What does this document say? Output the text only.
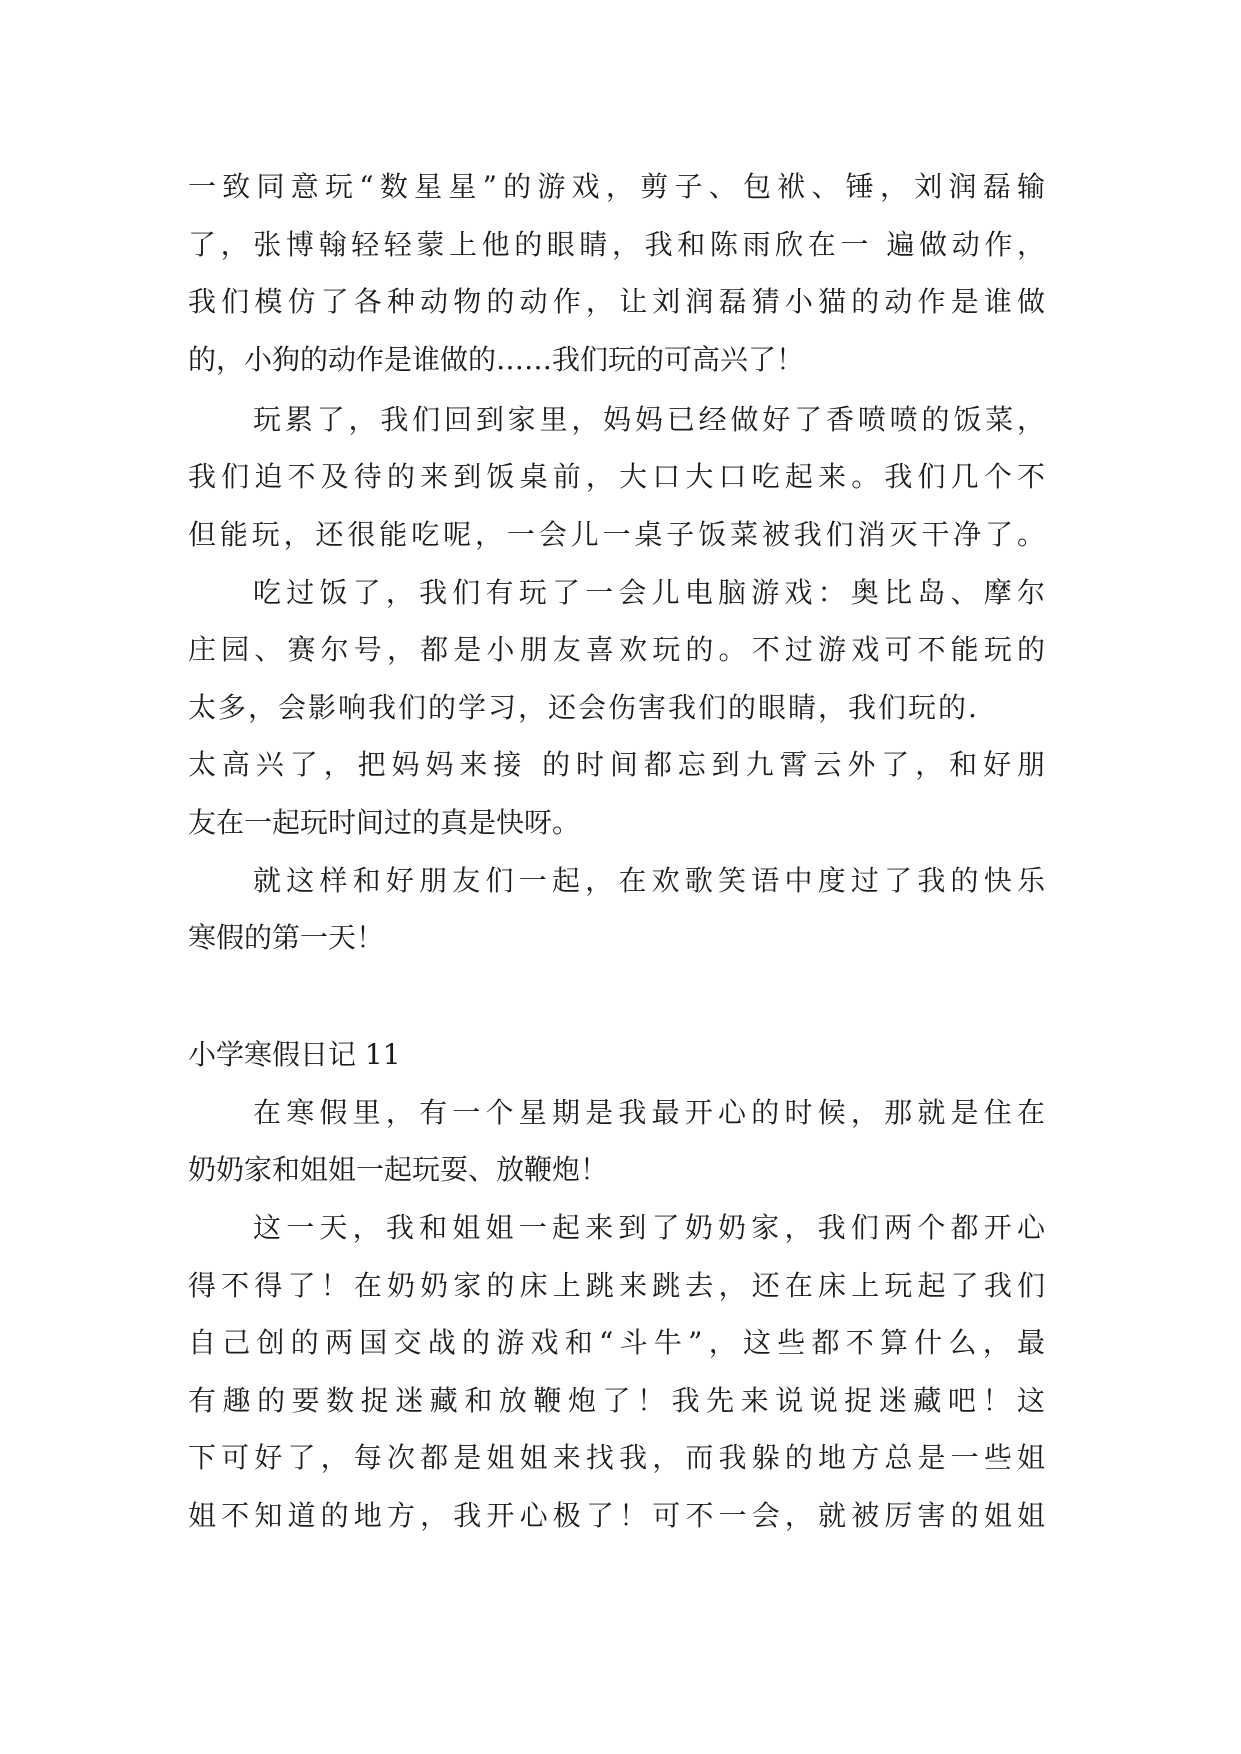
一致同意玩“数星星”的游戏，剪子、包袱、锤，刘润磊输
了，张博翰轻轻蒙上他的眼睛，我和陈雨欣在一 遍做动作，
我们模仿了各种动物的动作，让刘润磊猜小猫的动作是谁做
的，小狗的动作是谁做的……我们玩的可高兴了！
玩累了，我们回到家里，妈妈已经做好了香喷喷的饭菜，
我们迫不及待的来到饭桌前，大口大口吃起来。我们几个不
但能玩，还很能吃呢，一会儿一桌子饭菜被我们消灭干净了。
吃过饭了，我们有玩了一会儿电脑游戏：奥比岛、摩尔
庄园、赛尔号，都是小朋友喜欢玩的。不过游戏可不能玩的
太多，会影响我们的学习，还会伤害我们的眼睛，我们玩的.
太高兴了，把妈妈来接 的时间都忘到九霄云外了，和好朋
友在一起玩时间过的真是快呀。
就这样和好朋友们一起，在欢歌笑语中度过了我的快乐
寒假的第一天！
小学寒假日记 11
在寒假里，有一个星期是我最开心的时候，那就是住在
奶奶家和姐姐一起玩耍、放鞭炮！
这一天，我和姐姐一起来到了奶奶家，我们两个都开心
得不得了！在奶奶家的床上跳来跳去，还在床上玩起了我们
自己创的两国交战的游戏和“斗牛”，这些都不算什么，最
有趣的要数捉迷藏和放鞭炮了！我先来说说捉迷藏吧！这
下可好了，每次都是姐姐来找我，而我躲的地方总是一些姐
姐不知道的地方，我开心极了！可不一会，就被厉害的姐姐
